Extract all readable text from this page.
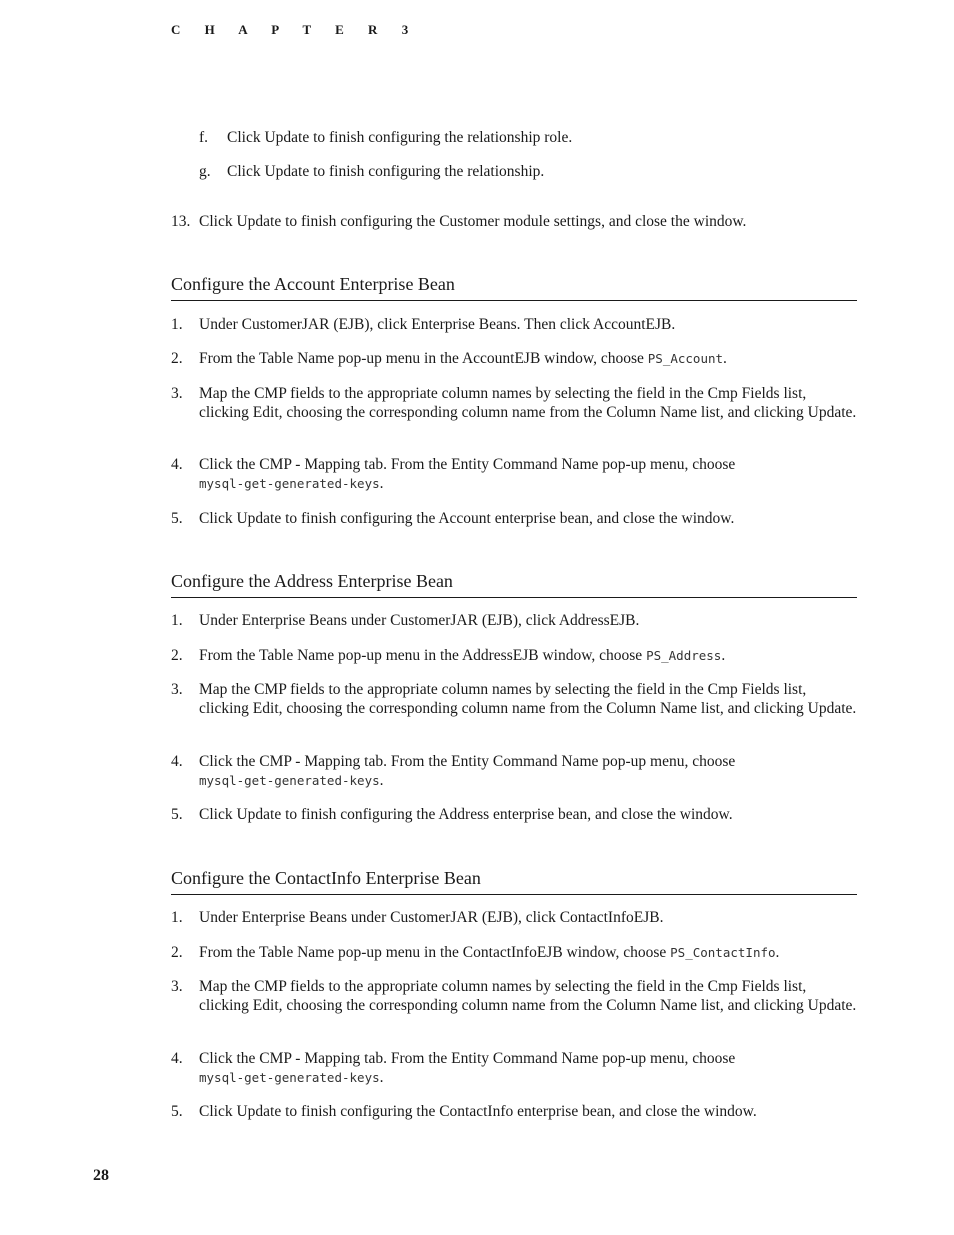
C H A P T E R 3
f. Click Update to finish configuring the relationship role.
g. Click Update to finish configuring the relationship.
13. Click Update to finish configuring the Customer module settings, and close the window.
Configure the Account Enterprise Bean
1. Under CustomerJAR (EJB), click Enterprise Beans. Then click AccountEJB.
2. From the Table Name pop-up menu in the AccountEJB window, choose PS_Account.
3. Map the CMP fields to the appropriate column names by selecting the field in the Cmp Fields list, clicking Edit, choosing the corresponding column name from the Column Name list, and clicking Update.
4. Click the CMP - Mapping tab. From the Entity Command Name pop-up menu, choose
mysql-get-generated-keys.
5. Click Update to finish configuring the Account enterprise bean, and close the window.
Configure the Address Enterprise Bean
1. Under Enterprise Beans under CustomerJAR (EJB), click AddressEJB.
2. From the Table Name pop-up menu in the AddressEJB window, choose PS_Address.
3. Map the CMP fields to the appropriate column names by selecting the field in the Cmp Fields list, clicking Edit, choosing the corresponding column name from the Column Name list, and clicking Update.
4. Click the CMP - Mapping tab. From the Entity Command Name pop-up menu, choose
mysql-get-generated-keys.
5. Click Update to finish configuring the Address enterprise bean, and close the window.
Configure the ContactInfo Enterprise Bean
1. Under Enterprise Beans under CustomerJAR (EJB), click ContactInfoEJB.
2. From the Table Name pop-up menu in the ContactInfoEJB window, choose PS_ContactInfo.
3. Map the CMP fields to the appropriate column names by selecting the field in the Cmp Fields list, clicking Edit, choosing the corresponding column name from the Column Name list, and clicking Update.
4. Click the CMP - Mapping tab. From the Entity Command Name pop-up menu, choose
mysql-get-generated-keys.
5. Click Update to finish configuring the ContactInfo enterprise bean, and close the window.
28
